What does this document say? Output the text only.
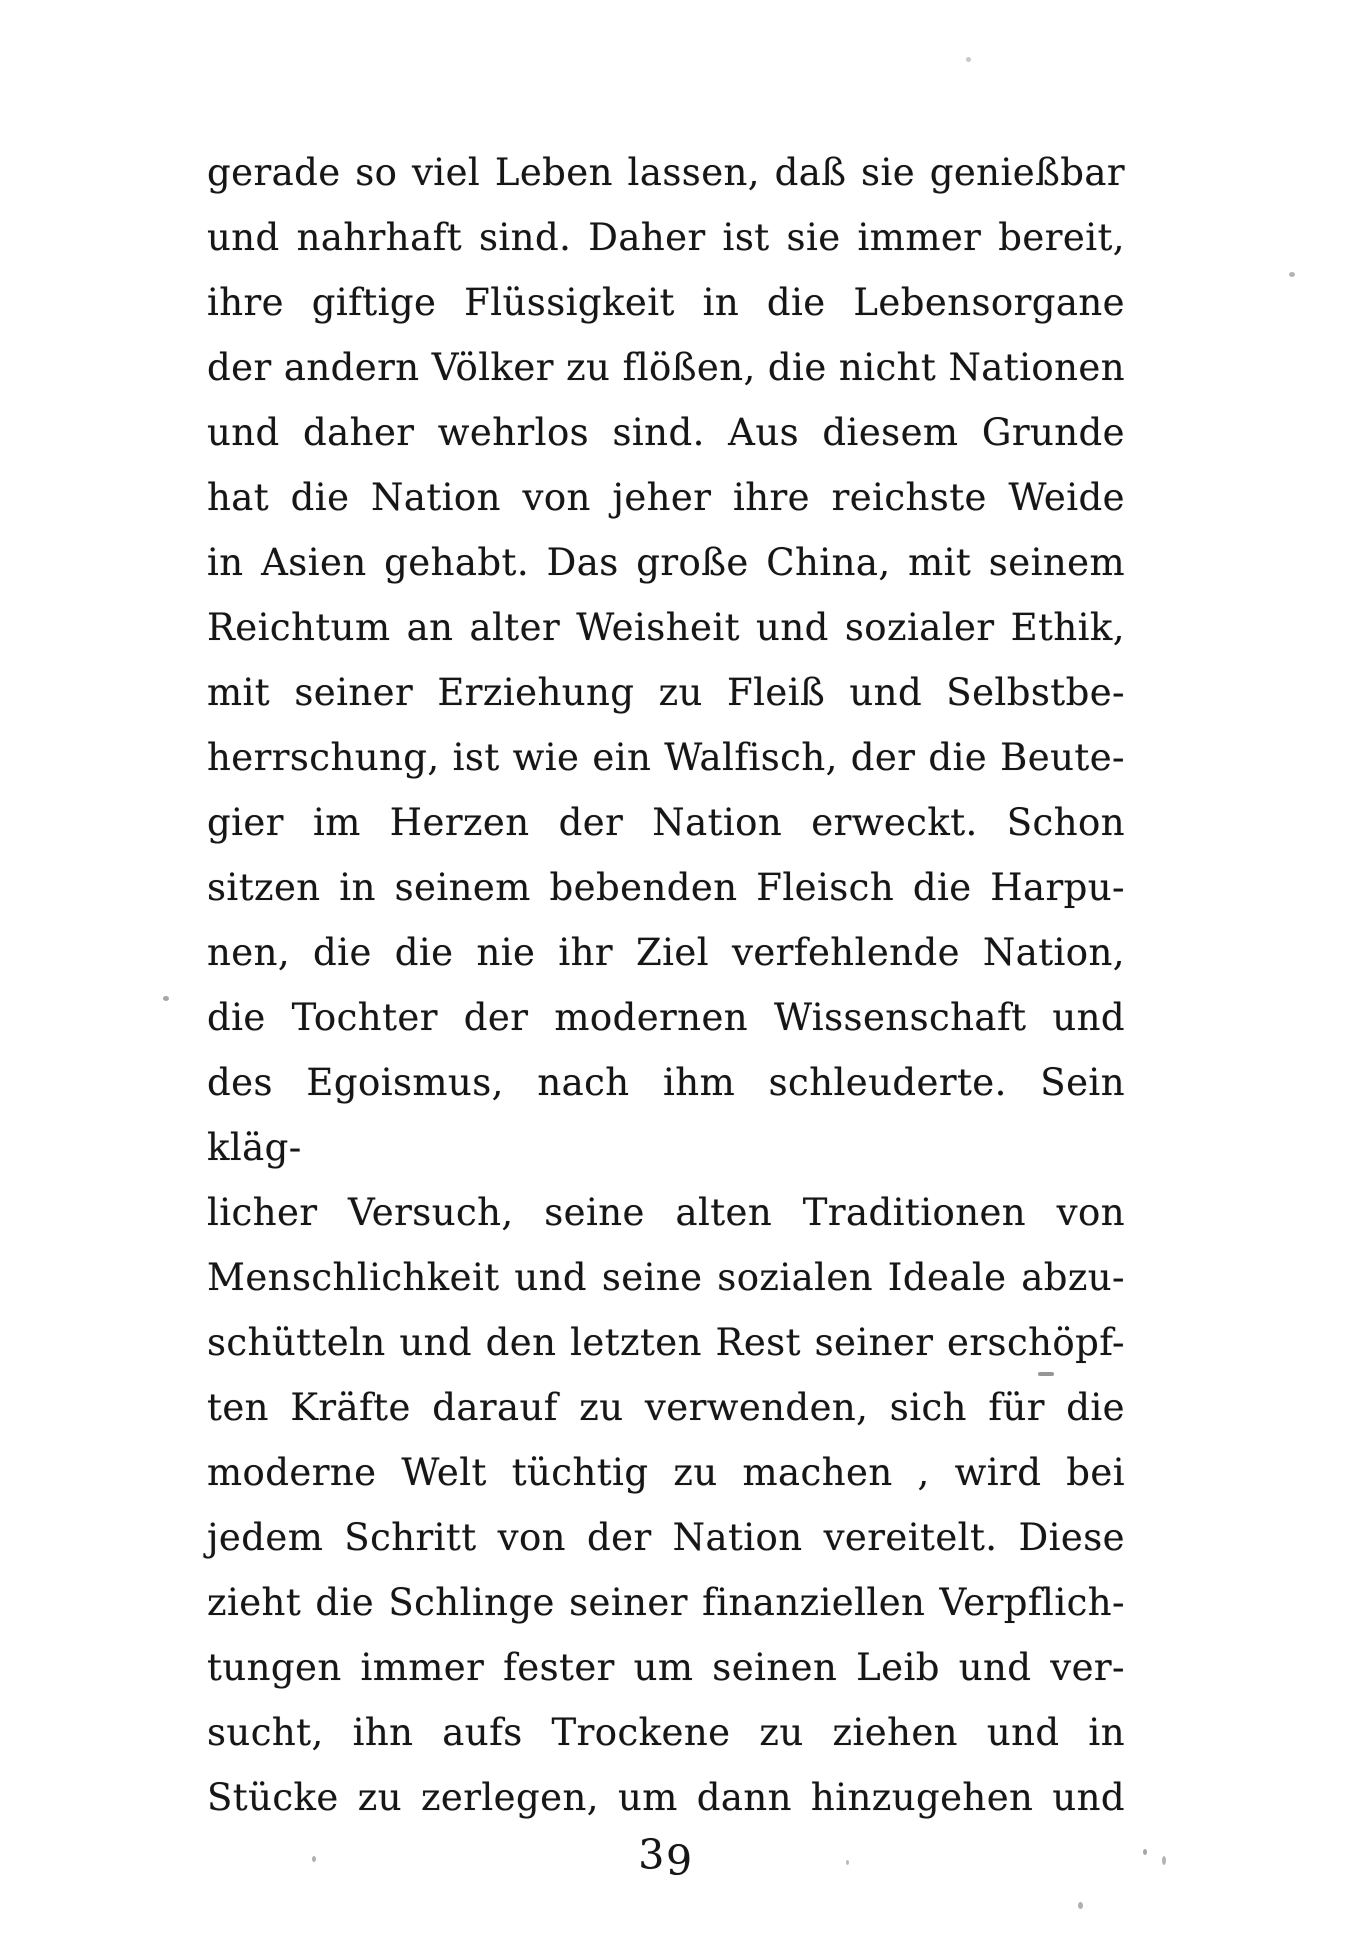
gerade so viel Leben lassen, daß sie genießbar
und nahrhaft sind. Daher ist sie immer bereit,
ihre giftige Flüssigkeit in die Lebensorgane
der andern Völker zu flößen, die nicht Nationen
und daher wehrlos sind. Aus diesem Grunde
hat die Nation von jeher ihre reichste Weide
in Asien gehabt. Das große China, mit seinem
Reichtum an alter Weisheit und sozialer Ethik,
mit seiner Erziehung zu Fleiß und Selbstbe-
herrschung, ist wie ein Walfisch, der die Beute-
gier im Herzen der Nation erweckt. Schon
sitzen in seinem bebenden Fleisch die Harpu-
nen, die die nie ihr Ziel verfehlende Nation,
die Tochter der modernen Wissenschaft und
des Egoismus, nach ihm schleuderte. Sein kläg-
licher Versuch, seine alten Traditionen von
Menschlichkeit und seine sozialen Ideale abzu-
schütteln und den letzten Rest seiner erschöpf-
ten Kräfte darauf zu verwenden, sich für die
moderne Welt tüchtig zu machen , wird bei
jedem Schritt von der Nation vereitelt. Diese
zieht die Schlinge seiner finanziellen Verpflich-
tungen immer fester um seinen Leib und ver-
sucht, ihn aufs Trockene zu ziehen und in
Stücke zu zerlegen, um dann hinzugehen und
39
